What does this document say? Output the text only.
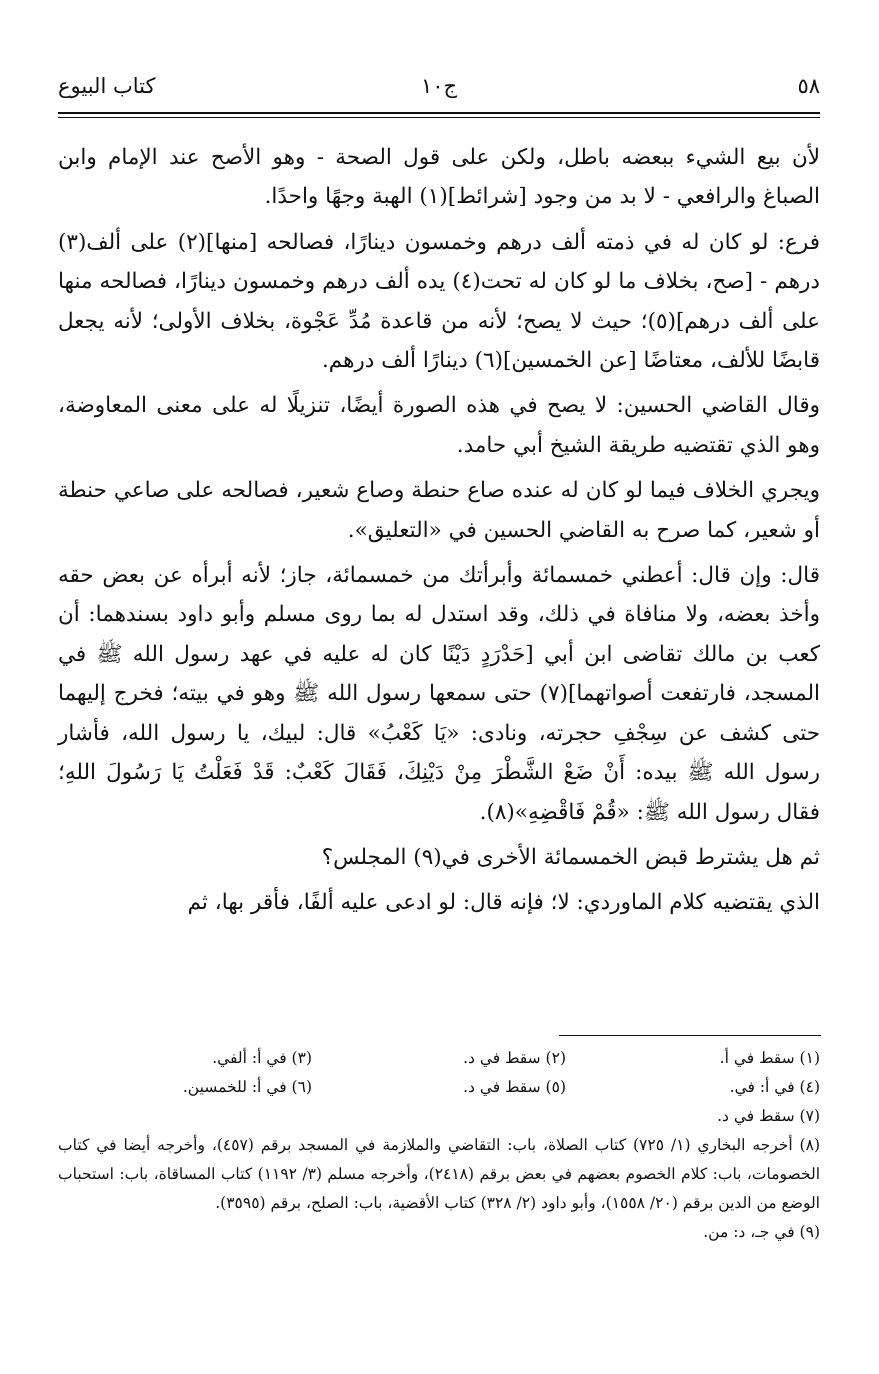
٥٨
ج١٠
كتاب البيوع

لأن بيع الشيء ببعضه باطل، ولكن على قول الصحة - وهو الأصح عند الإمام وابن الصباغ والرافعي - لا بد من وجود [شرائط](١) الهبة وجهًا واحدًا.

فرع: لو كان له في ذمته ألف درهم وخمسون دينارًا، فصالحه [منها](٢) على ألف(٣) درهم - [صح، بخلاف ما لو كان له تحت(٤) يده ألف درهم وخمسون دينارًا، فصالحه منها على ألف درهم](٥)؛ حيث لا يصح؛ لأنه من قاعدة مُدِّ عَجْوة، بخلاف الأولى؛ لأنه يجعل قابضًا للألف، معتاضًا [عن الخمسين](٦) دينارًا ألف درهم.

وقال القاضي الحسين: لا يصح في هذه الصورة أيضًا، تنزيلًا له على معنى المعاوضة، وهو الذي تقتضيه طريقة الشيخ أبي حامد.

ويجري الخلاف فيما لو كان له عنده صاع حنطة وصاع شعير، فصالحه على صاعي حنطة أو شعير، كما صرح به القاضي الحسين في «التعليق».

قال: وإن قال: أعطني خمسمائة وأبرأتك من خمسمائة، جاز؛ لأنه أبرأه عن بعض حقه وأخذ بعضه، ولا منافاة في ذلك، وقد استدل له بما روى مسلم وأبو داود بسندهما: أن كعب بن مالك تقاضى ابن أبي [حَدْرَدٍ دَيْنًا كان له عليه في عهد رسول الله ﷺ في المسجد، فارتفعت أصواتهما](٧) حتى سمعها رسول الله ﷺ وهو في بيته؛ فخرج إليهما حتى كشف عن سِجْفِ حجرته، ونادى: «يَا كَعْبُ» قال: لبيك، يا رسول الله، فأشار رسول الله ﷺ بيده: أَنْ ضَعْ الشَّطْرَ مِنْ دَيْنِكَ، فَقَالَ كَعْبٌ: قَدْ فَعَلْتُ يَا رَسُولَ اللهِ؛ فقال رسول الله ﷺ: «قُمْ فَاقْضِهِ»(٨).

ثم هل يشترط قبض الخمسمائة الأخرى في(٩) المجلس؟

الذي يقتضيه كلام الماوردي: لا؛ فإنه قال: لو ادعى عليه ألفًا، فأقر بها، ثم

(١) سقط في أ.
(٢) سقط في د.
(٣) في أ: ألفي.
(٤) في أ: في.
(٥) سقط في د.
(٦) في أ: للخمسين.
(٧) سقط في د.
(٨) أخرجه البخاري (١/ ٧٢٥) كتاب الصلاة، باب: التقاضي والملازمة في المسجد برقم (٤٥٧)، وأخرجه أيضا في كتاب الخصومات، باب: كلام الخصوم بعضهم في بعض برقم (٢٤١٨)، وأخرجه مسلم (٣/ ١١٩٢) كتاب المساقاة، باب: استحباب الوضع من الدين برقم (٢٠/ ١٥٥٨)، وأبو داود (٢/ ٣٢٨) كتاب الأقضية، باب: الصلح، برقم (٣٥٩٥).
(٩) في جـ، د: من.
